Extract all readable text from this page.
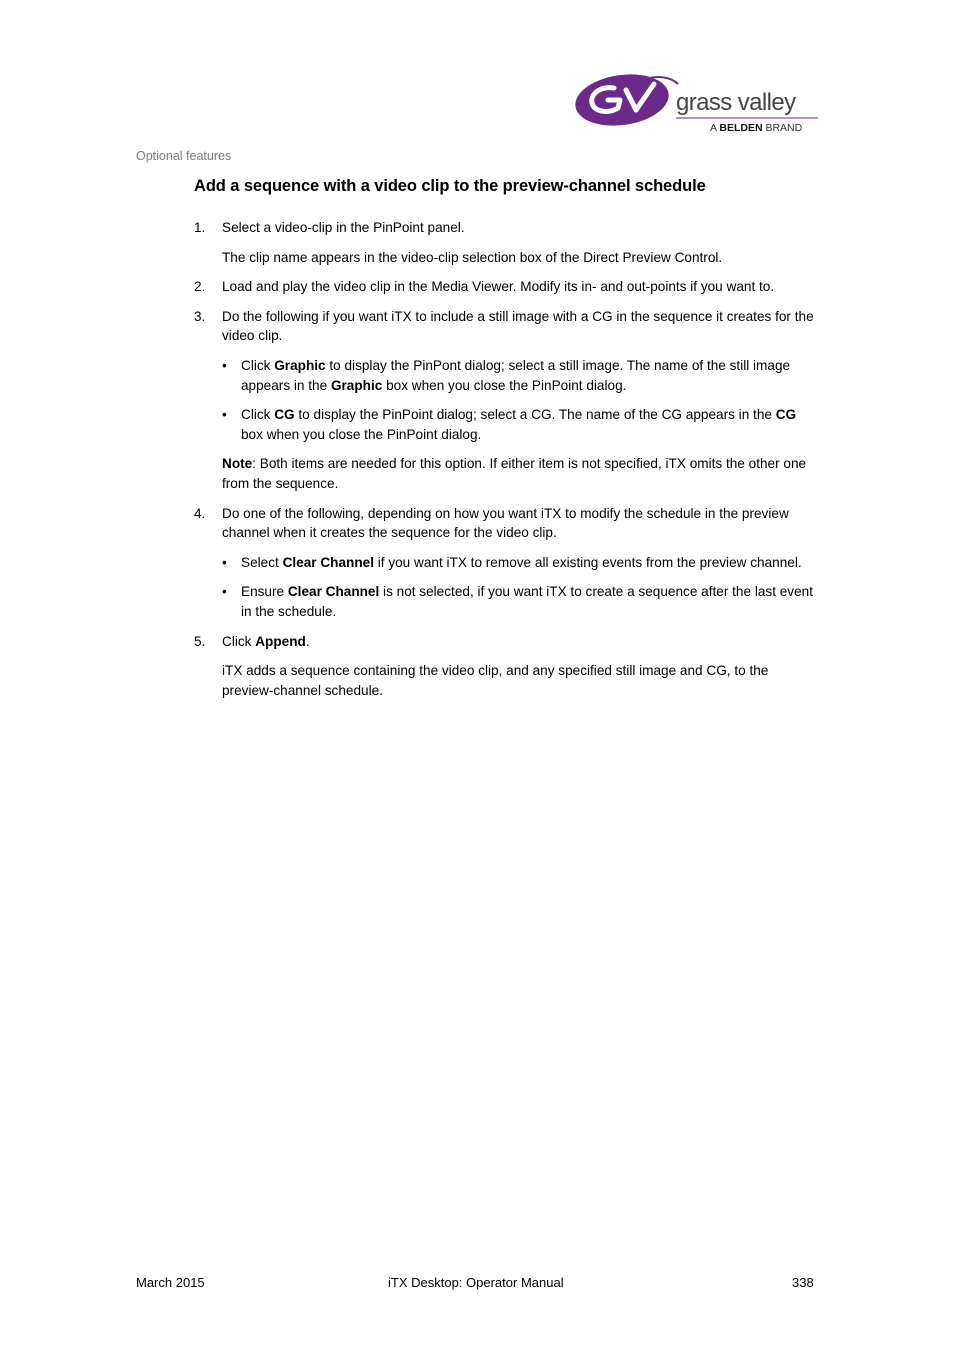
grass valley
A BELDEN BRAND
Optional features
Add a sequence with a video clip to the preview-channel schedule
1. Select a video-clip in the PinPoint panel.

The clip name appears in the video-clip selection box of the Direct Preview Control.

2. Load and play the video clip in the Media Viewer. Modify its in- and out-points if you want to.

3. Do the following if you want iTX to include a still image with a CG in the sequence it creates for the video clip.

• Click Graphic to display the PinPont dialog; select a still image. The name of the still image appears in the Graphic box when you close the PinPoint dialog.

• Click CG to display the PinPoint dialog; select a CG. The name of the CG appears in the CG box when you close the PinPoint dialog.

Note: Both items are needed for this option. If either item is not specified, iTX omits the other one from the sequence.

4. Do one of the following, depending on how you want iTX to modify the schedule in the preview channel when it creates the sequence for the video clip.

• Select Clear Channel if you want iTX to remove all existing events from the preview channel.

• Ensure Clear Channel is not selected, if you want iTX to create a sequence after the last event in the schedule.

5. Click Append.

iTX adds a sequence containing the video clip, and any specified still image and CG, to the preview-channel schedule.

March 2015	iTX Desktop: Operator Manual	338
